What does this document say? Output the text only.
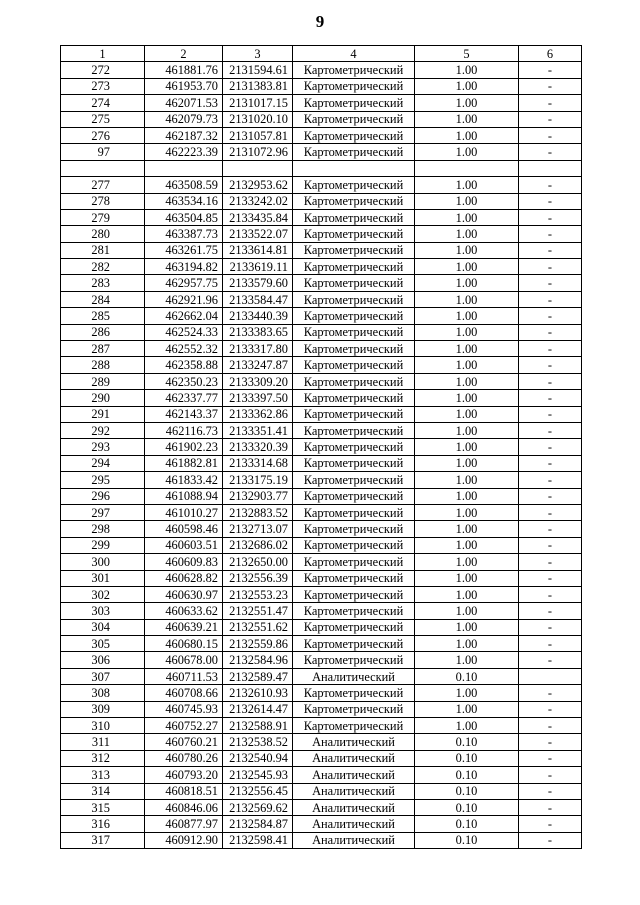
9
1	2	3	4	5	6
272	461881.76	2131594.61	Картометрический	1.00	-
273	461953.70	2131383.81	Картометрический	1.00	-
274	462071.53	2131017.15	Картометрический	1.00	-
275	462079.73	2131020.10	Картометрический	1.00	-
276	462187.32	2131057.81	Картометрический	1.00	-
97	462223.39	2131072.96	Картометрический	1.00	-

277	463508.59	2132953.62	Картометрический	1.00	-
278	463534.16	2133242.02	Картометрический	1.00	-
279	463504.85	2133435.84	Картометрический	1.00	-
280	463387.73	2133522.07	Картометрический	1.00	-
281	463261.75	2133614.81	Картометрический	1.00	-
282	463194.82	2133619.11	Картометрический	1.00	-
283	462957.75	2133579.60	Картометрический	1.00	-
284	462921.96	2133584.47	Картометрический	1.00	-
285	462662.04	2133440.39	Картометрический	1.00	-
286	462524.33	2133383.65	Картометрический	1.00	-
287	462552.32	2133317.80	Картометрический	1.00	-
288	462358.88	2133247.87	Картометрический	1.00	-
289	462350.23	2133309.20	Картометрический	1.00	-
290	462337.77	2133397.50	Картометрический	1.00	-
291	462143.37	2133362.86	Картометрический	1.00	-
292	462116.73	2133351.41	Картометрический	1.00	-
293	461902.23	2133320.39	Картометрический	1.00	-
294	461882.81	2133314.68	Картометрический	1.00	-
295	461833.42	2133175.19	Картометрический	1.00	-
296	461088.94	2132903.77	Картометрический	1.00	-
297	461010.27	2132883.52	Картометрический	1.00	-
298	460598.46	2132713.07	Картометрический	1.00	-
299	460603.51	2132686.02	Картометрический	1.00	-
300	460609.83	2132650.00	Картометрический	1.00	-
301	460628.82	2132556.39	Картометрический	1.00	-
302	460630.97	2132553.23	Картометрический	1.00	-
303	460633.62	2132551.47	Картометрический	1.00	-
304	460639.21	2132551.62	Картометрический	1.00	-
305	460680.15	2132559.86	Картометрический	1.00	-
306	460678.00	2132584.96	Картометрический	1.00	-
307	460711.53	2132589.47	Аналитический	0.10	
308	460708.66	2132610.93	Картометрический	1.00	-
309	460745.93	2132614.47	Картометрический	1.00	-
310	460752.27	2132588.91	Картометрический	1.00	-
311	460760.21	2132538.52	Аналитический	0.10	-
312	460780.26	2132540.94	Аналитический	0.10	-
313	460793.20	2132545.93	Аналитический	0.10	-
314	460818.51	2132556.45	Аналитический	0.10	-
315	460846.06	2132569.62	Аналитический	0.10	-
316	460877.97	2132584.87	Аналитический	0.10	-
317	460912.90	2132598.41	Аналитический	0.10	-
